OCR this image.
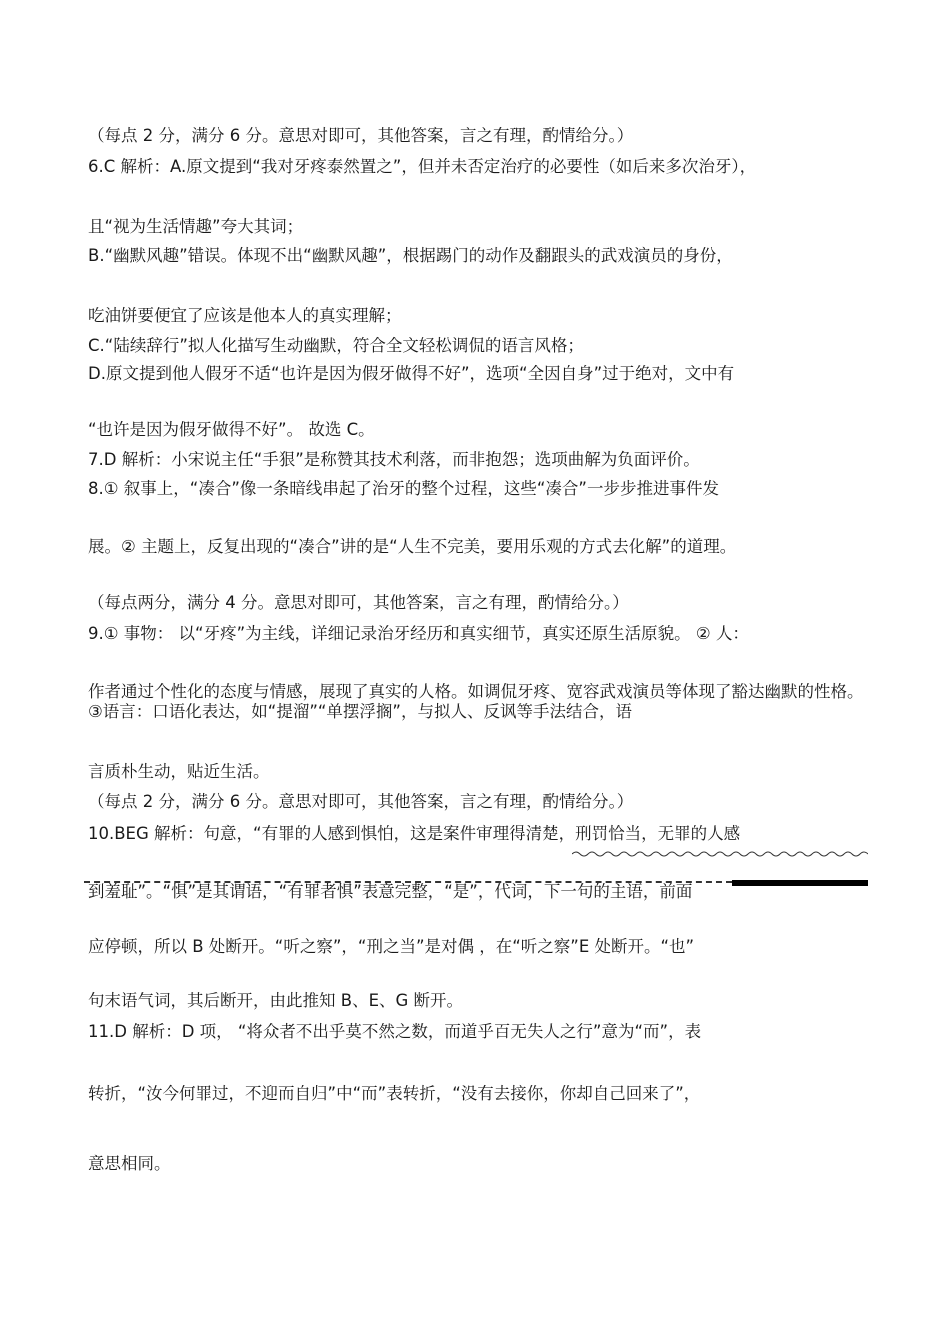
（每点 2 分，满分 6 分。意思对即可，其他答案，言之有理，酌情给分。）
6.C 解析：A.原文提到“我对牙疼泰然置之”，但并未否定治疗的必要性（如后来多次治牙），
且“视为生活情趣”夸大其词；
B.“幽默风趣”错误。体现不出“幽默风趣”，根据踢门的动作及翻跟头的武戏演员的身份，
吃油饼要便宜了应该是他本人的真实理解；
C.“陆续辞行”拟人化描写生动幽默，符合全文轻松调侃的语言风格；
D.原文提到他人假牙不适“也许是因为假牙做得不好”，选项“全因自身”过于绝对，文中有
“也许是因为假牙做得不好”。 故选 C。
7.D 解析：小宋说主任“手狠”是称赞其技术利落，而非抱怨；选项曲解为负面评价。
8.① 叙事上，“凑合”像一条暗线串起了治牙的整个过程，这些“凑合”一步步推进事件发
展。② 主题上，反复出现的“凑合”讲的是“人生不完美，要用乐观的方式去化解”的道理。
（每点两分，满分 4 分。意思对即可，其他答案，言之有理，酌情给分。）
9.① 事物： 以“牙疼”为主线，详细记录治牙经历和真实细节，真实还原生活原貌。 ② 人：
作者通过个性化的态度与情感，展现了真实的人格。如调侃牙疼、宽容武戏演员等体现了豁达幽默的性格。 ③语言：口语化表达，如“提溜”“单摆浮搁”，与拟人、反讽等手法结合，语
言质朴生动，贴近生活。
（每点 2 分，满分 6 分。意思对即可，其他答案，言之有理，酌情给分。）
10.BEG 解析：句意，“有罪的人感到惧怕，这是案件审理得清楚，刑罚恰当，无罪的人感
到羞耻”。“惧”是其谓语，“有罪者惧”表意完整，“是”，代词，下一句的主语，前面
应停顿，所以 B 处断开。“听之察”，“刑之当”是对偶 ，在“听之察”E 处断开。“也”
句末语气词，其后断开，由此推知 B、E、G 断开。
11.D 解析：D 项， “将众者不出乎莫不然之数，而道乎百无失人之行”意为“而”，表
转折，“汝今何罪过，不迎而自归”中“而”表转折，“没有去接你，你却自己回来了”，
意思相同。
